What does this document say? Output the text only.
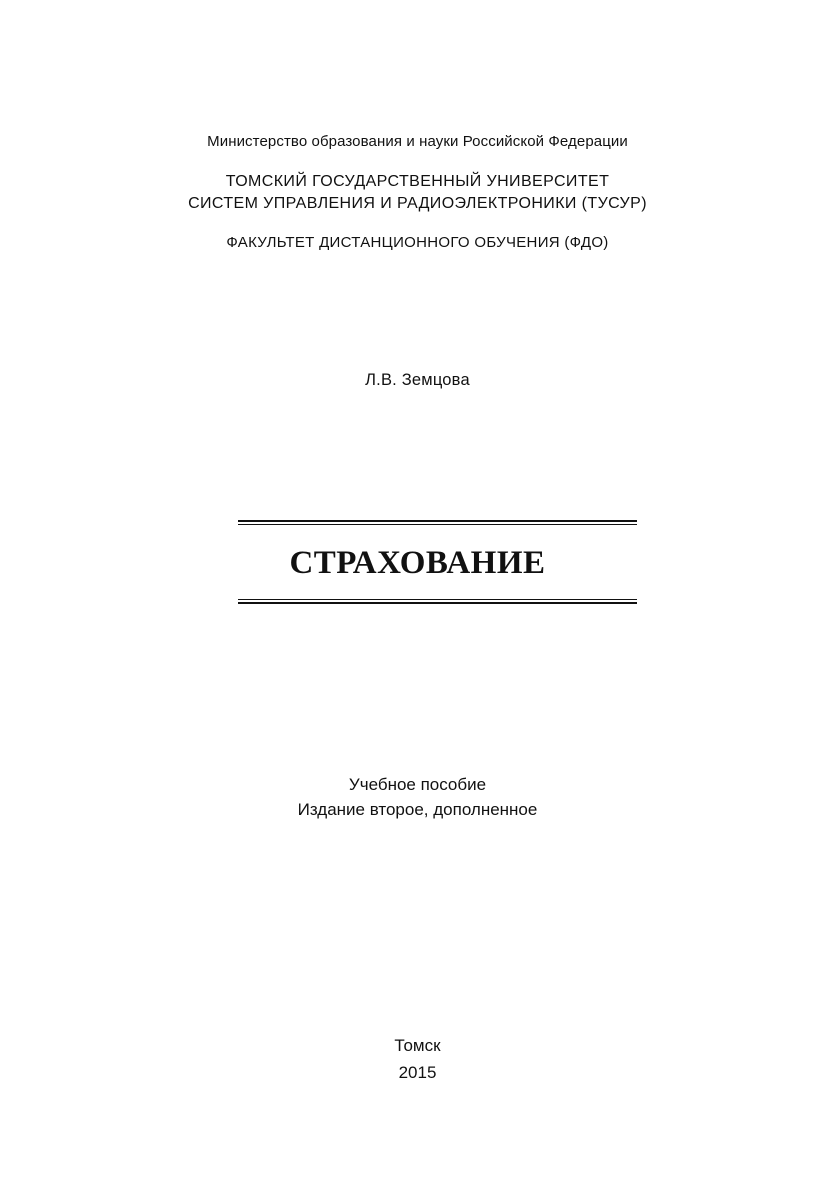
Министерство образования и науки Российской Федерации
ТОМСКИЙ ГОСУДАРСТВЕННЫЙ УНИВЕРСИТЕТ
СИСТЕМ УПРАВЛЕНИЯ И РАДИОЭЛЕКТРОНИКИ (ТУСУР)
ФАКУЛЬТЕТ ДИСТАНЦИОННОГО ОБУЧЕНИЯ (ФДО)
Л.В. Земцова
СТРАХОВАНИЕ
Учебное пособие
Издание второе, дополненное
Томск
2015
